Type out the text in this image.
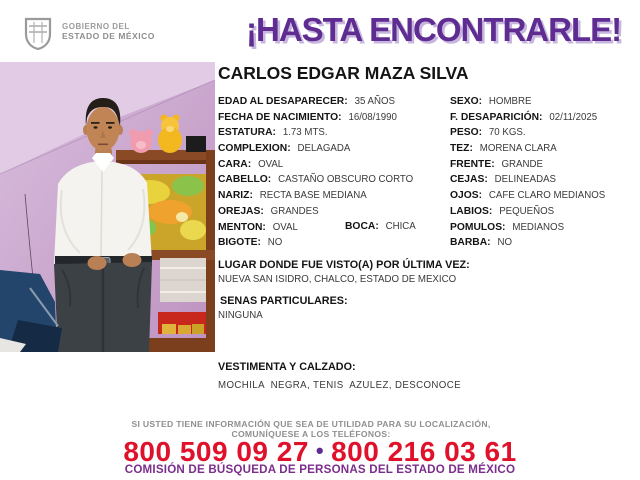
GOBIERNO DEL
ESTADO DE MÉXICO	¡HASTA ENCONTRARLE!
CARLOS EDGAR MAZA SILVA
EDAD AL DESAPARECER: 35 AÑOS
FECHA DE NACIMIENTO: 16/08/1990
ESTATURA: 1.73 MTS.
COMPLEXION: DELAGADA
CARA: OVAL
CABELLO: CASTAÑO OBSCURO CORTO
NARIZ: RECTA BASE MEDIANA
OREJAS: GRANDES
MENTON: OVAL
BIGOTE: NO
SEXO: HOMBRE
F. DESAPARICIÓN: 02/11/2025
PESO: 70 KGS.
TEZ: MORENA CLARA
FRENTE: GRANDE
CEJAS: DELINEADAS
OJOS: CAFE CLARO MEDIANOS
LABIOS: PEQUEÑOS
POMULOS: MEDIANOS
BARBA: NO
BOCA: CHICA
LUGAR DONDE FUE VISTO(A) POR ÚLTIMA VEZ:
NUEVA SAN ISIDRO, CHALCO, ESTADO DE MEXICO
SENAS PARTICULARES:
NINGUNA
VESTIMENTA Y CALZADO:
MOCHILA  NEGRA, TENIS  AZULEZ, DESCONOCE
SI USTED TIENE INFORMACIÓN QUE SEA DE UTILIDAD PARA SU LOCALIZACIÓN,
COMUNÍQUESE A LOS TELÉFONOS:
800 509 09 27 • 800 216 03 61
COMISIÓN DE BÚSQUEDA DE PERSONAS DEL ESTADO DE MÉXICO
